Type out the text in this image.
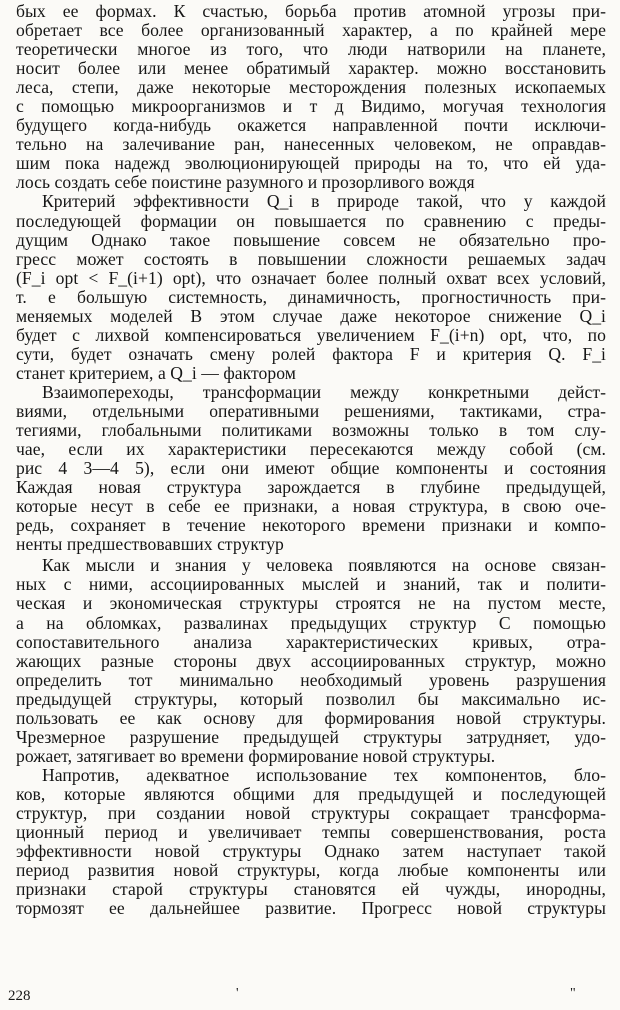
бых ее формах. К счастью, борьба против атомной угрозы при-
обретает все более организованный характер, а по крайней мере
теоретически многое из того, что люди натворили на планете,
носит более или менее обратимый характер. можно восстановить
леса, степи, даже некоторые месторождения полезных ископаемых
с помощью микроорганизмов и т д Видимо, могучая технология
будущего когда-нибудь окажется направленной почти исключи-
тельно на залечивание ран, нанесенных человеком, не оправдав-
шим пока надежд эволюционирующей природы на то, что ей уда-
лось создать себе поистине разумного и прозорливого вождя
Критерий эффективности Q_i в природе такой, что у каждой
последующей формации он повышается по сравнению с преды-
дущим Однако такое повышение совсем не обязательно про-
гресс может состоять в повышении сложности решаемых задач
(F_i opt < F_(i+1) opt), что означает более полный охват всех условий,
т. е большую системность, динамичность, прогностичность при-
меняемых моделей В этом случае даже некоторое снижение Q_i
будет с лихвой компенсироваться увеличением F_(i+n) opt, что, по
сути, будет означать смену ролей фактора F и критерия Q. F_i
станет критерием, а Q_i — фактором
Взаимопереходы, трансформации между конкретными дейст-
виями, отдельными оперативными решениями, тактиками, стра-
тегиями, глобальными политиками возможны только в том слу-
чае, если их характеристики пересекаются между собой (см.
рис 4 3—4 5), если они имеют общие компоненты и состояния
Каждая новая структура зарождается в глубине предыдущей,
которые несут в себе ее признаки, а новая структура, в свою оче-
редь, сохраняет в течение некоторого времени признаки и компо-
ненты предшествовавших структур
Как мысли и знания у человека появляются на основе связан-
ных с ними, ассоциированных мыслей и знаний, так и полити-
ческая и экономическая структуры строятся не на пустом месте,
а на обломках, развалинах предыдущих структур С помощью
сопоставительного анализа характеристических кривых, отра-
жающих разные стороны двух ассоциированных структур, можно
определить тот минимально необходимый уровень разрушения
предыдущей структуры, который позволил бы максимально ис-
пользовать ее как основу для формирования новой структуры.
Чрезмерное разрушение предыдущей структуры затрудняет, удо-
рожает, затягивает во времени формирование новой структуры.
Напротив, адекватное использование тех компонентов, бло-
ков, которые являются общими для предыдущей и последующей
структур, при создании новой структуры сокращает трансформа-
ционный период и увеличивает темпы совершенствования, роста
эффективности новой структуры Однако затем наступает такой
период развития новой структуры, когда любые компоненты или
признаки старой структуры становятся ей чужды, инородны,
тормозят ее дальнейшее развитие. Прогресс новой структуры
228	'	"
